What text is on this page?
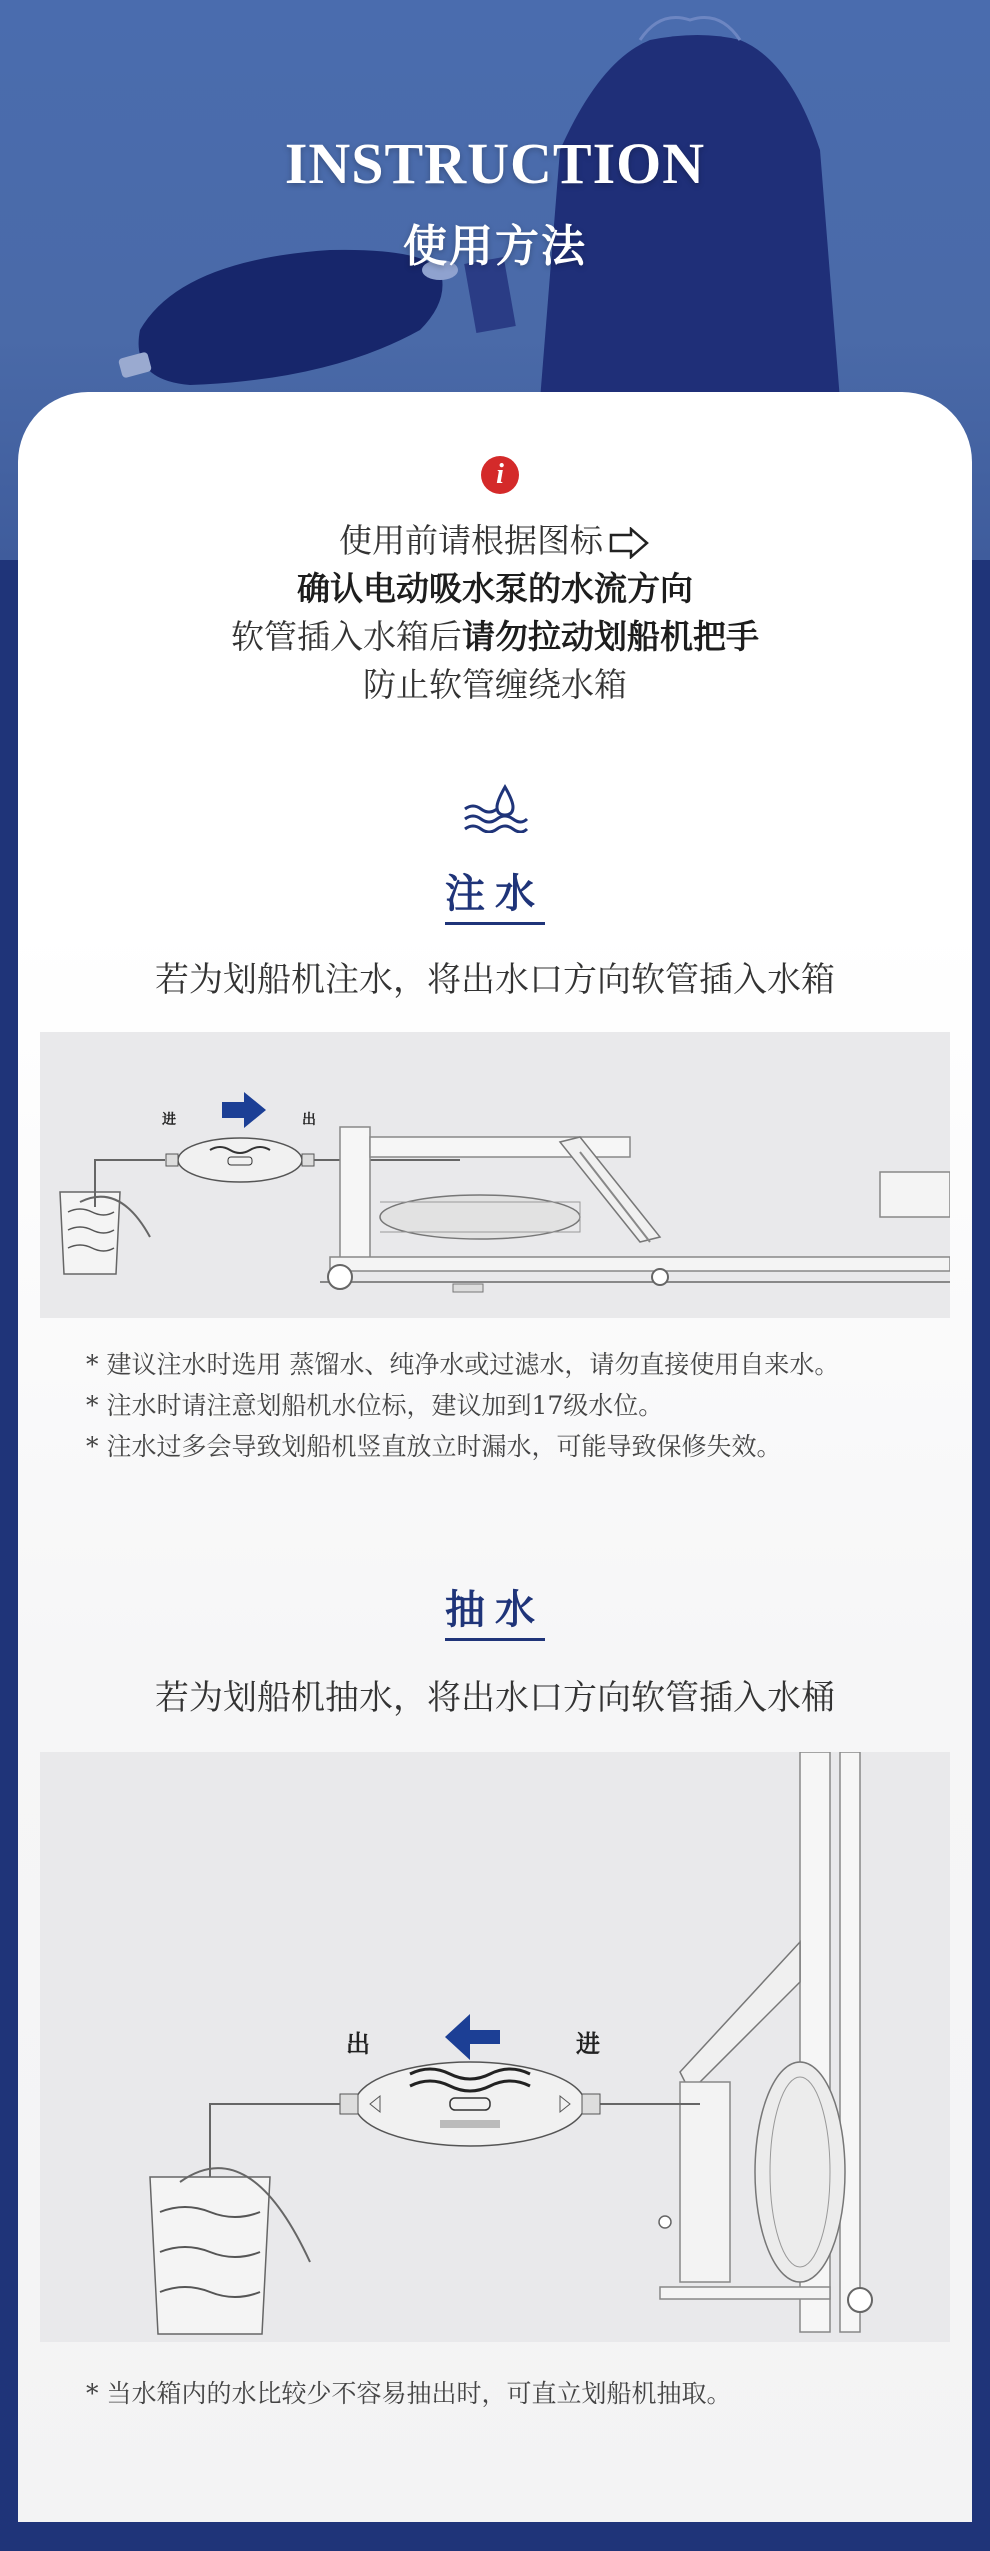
INSTRUCTION
使用方法
i
使用前请根据图标
确认电动吸水泵的水流方向
软管插入水箱后请勿拉动划船机把手
防止软管缠绕水箱
注水
若为划船机注水，将出水口方向软管插入水箱
进	出
* 建议注水时选用 蒸馏水、纯净水或过滤水，请勿直接使用自来水。
* 注水时请注意划船机水位标，建议加到17级水位。
* 注水过多会导致划船机竖直放立时漏水，可能导致保修失效。
抽水
若为划船机抽水，将出水口方向软管插入水桶
出	进
* 当水箱内的水比较少不容易抽出时，可直立划船机抽取。
